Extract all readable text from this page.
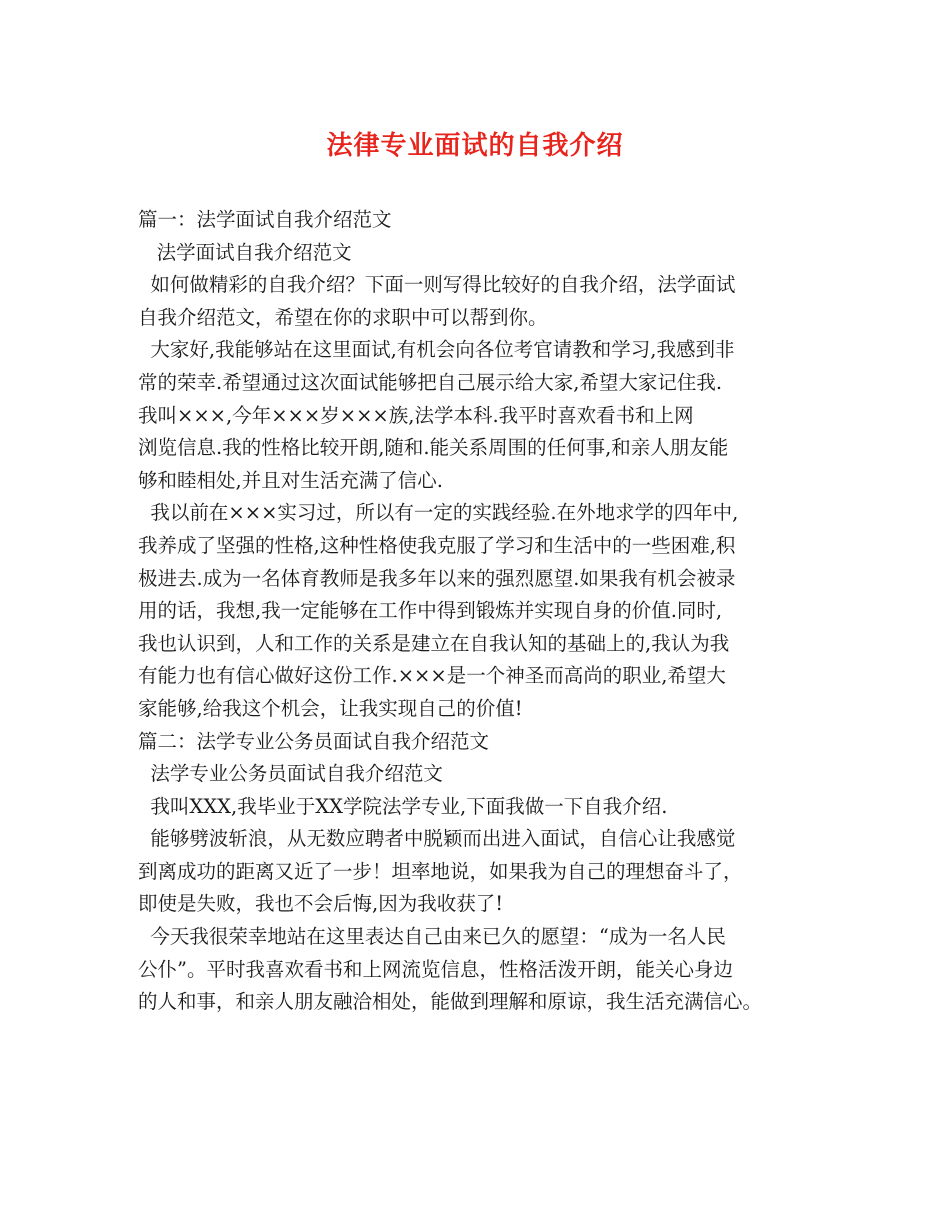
法律专业面试的自我介绍
篇一：法学面试自我介绍范文
法学面试自我介绍范文
如何做精彩的自我介绍？下面一则写得比较好的自我介绍，法学面试
自我介绍范文，希望在你的求职中可以帮到你。
大家好,我能够站在这里面试,有机会向各位考官请教和学习,我感到非
常的荣幸.希望通过这次面试能够把自己展示给大家,希望大家记住我.
我叫×××,今年×××岁×××族,法学本科.我平时喜欢看书和上网
浏览信息.我的性格比较开朗,随和.能关系周围的任何事,和亲人朋友能
够和睦相处,并且对生活充满了信心.
我以前在×××实习过，所以有一定的实践经验.在外地求学的四年中,
我养成了坚强的性格,这种性格使我克服了学习和生活中的一些困难,积
极进去.成为一名体育教师是我多年以来的强烈愿望.如果我有机会被录
用的话，我想,我一定能够在工作中得到锻炼并实现自身的价值.同时,
我也认识到，人和工作的关系是建立在自我认知的基础上的,我认为我
有能力也有信心做好这份工作.×××是一个神圣而高尚的职业,希望大
家能够,给我这个机会，让我实现自己的价值!
篇二：法学专业公务员面试自我介绍范文
法学专业公务员面试自我介绍范文
我叫XXX,我毕业于XX学院法学专业,下面我做一下自我介绍.
能够劈波斩浪，从无数应聘者中脱颖而出进入面试，自信心让我感觉
到离成功的距离又近了一步！坦率地说，如果我为自己的理想奋斗了，
即使是失败，我也不会后悔,因为我收获了!
今天我很荣幸地站在这里表达自己由来已久的愿望：“成为一名人民
公仆”。平时我喜欢看书和上网流览信息，性格活泼开朗，能关心身边
的人和事，和亲人朋友融洽相处，能做到理解和原谅，我生活充满信心。
